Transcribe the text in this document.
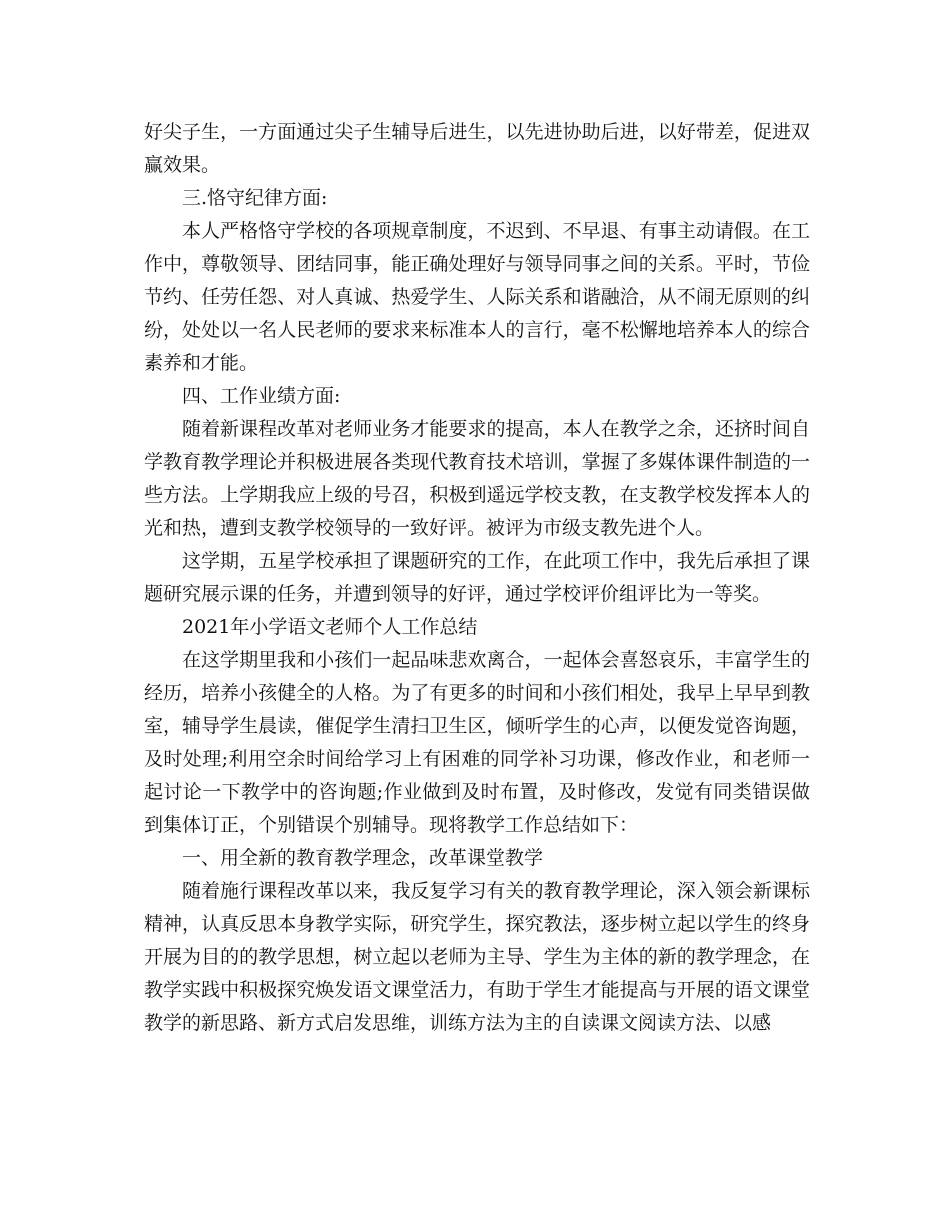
好尖子生，一方面通过尖子生辅导后进生，以先进协助后进，以好带差，促进双赢效果。

三.恪守纪律方面:

本人严格恪守学校的各项规章制度，不迟到、不早退、有事主动请假。在工作中，尊敬领导、团结同事，能正确处理好与领导同事之间的关系。平时，节俭节约、任劳任怨、对人真诚、热爱学生、人际关系和谐融洽，从不闹无原则的纠纷，处处以一名人民老师的要求来标准本人的言行，毫不松懈地培养本人的综合素养和才能。

四、工作业绩方面:

随着新课程改革对老师业务才能要求的提高，本人在教学之余，还挤时间自学教育教学理论并积极进展各类现代教育技术培训，掌握了多媒体课件制造的一些方法。上学期我应上级的号召，积极到遥远学校支教，在支教学校发挥本人的光和热，遭到支教学校领导的一致好评。被评为市级支教先进个人。

这学期，五星学校承担了课题研究的工作，在此项工作中，我先后承担了课题研究展示课的任务，并遭到领导的好评，通过学校评价组评比为一等奖。

2021年小学语文老师个人工作总结

在这学期里我和小孩们一起品味悲欢离合，一起体会喜怒哀乐，丰富学生的经历，培养小孩健全的人格。为了有更多的时间和小孩们相处，我早上早早到教室，辅导学生晨读，催促学生清扫卫生区，倾听学生的心声，以便发觉咨询题，及时处理;利用空余时间给学习上有困难的同学补习功课，修改作业，和老师一起讨论一下教学中的咨询题;作业做到及时布置，及时修改，发觉有同类错误做到集体订正，个别错误个别辅导。现将教学工作总结如下：

一、用全新的教育教学理念，改革课堂教学

随着施行课程改革以来，我反复学习有关的教育教学理论，深入领会新课标精神，认真反思本身教学实际，研究学生，探究教法，逐步树立起以学生的终身开展为目的的教学思想，树立起以老师为主导、学生为主体的新的教学理念，在教学实践中积极探究焕发语文课堂活力，有助于学生才能提高与开展的语文课堂教学的新思路、新方式启发思维，训练方法为主的自读课文阅读方法、以感
